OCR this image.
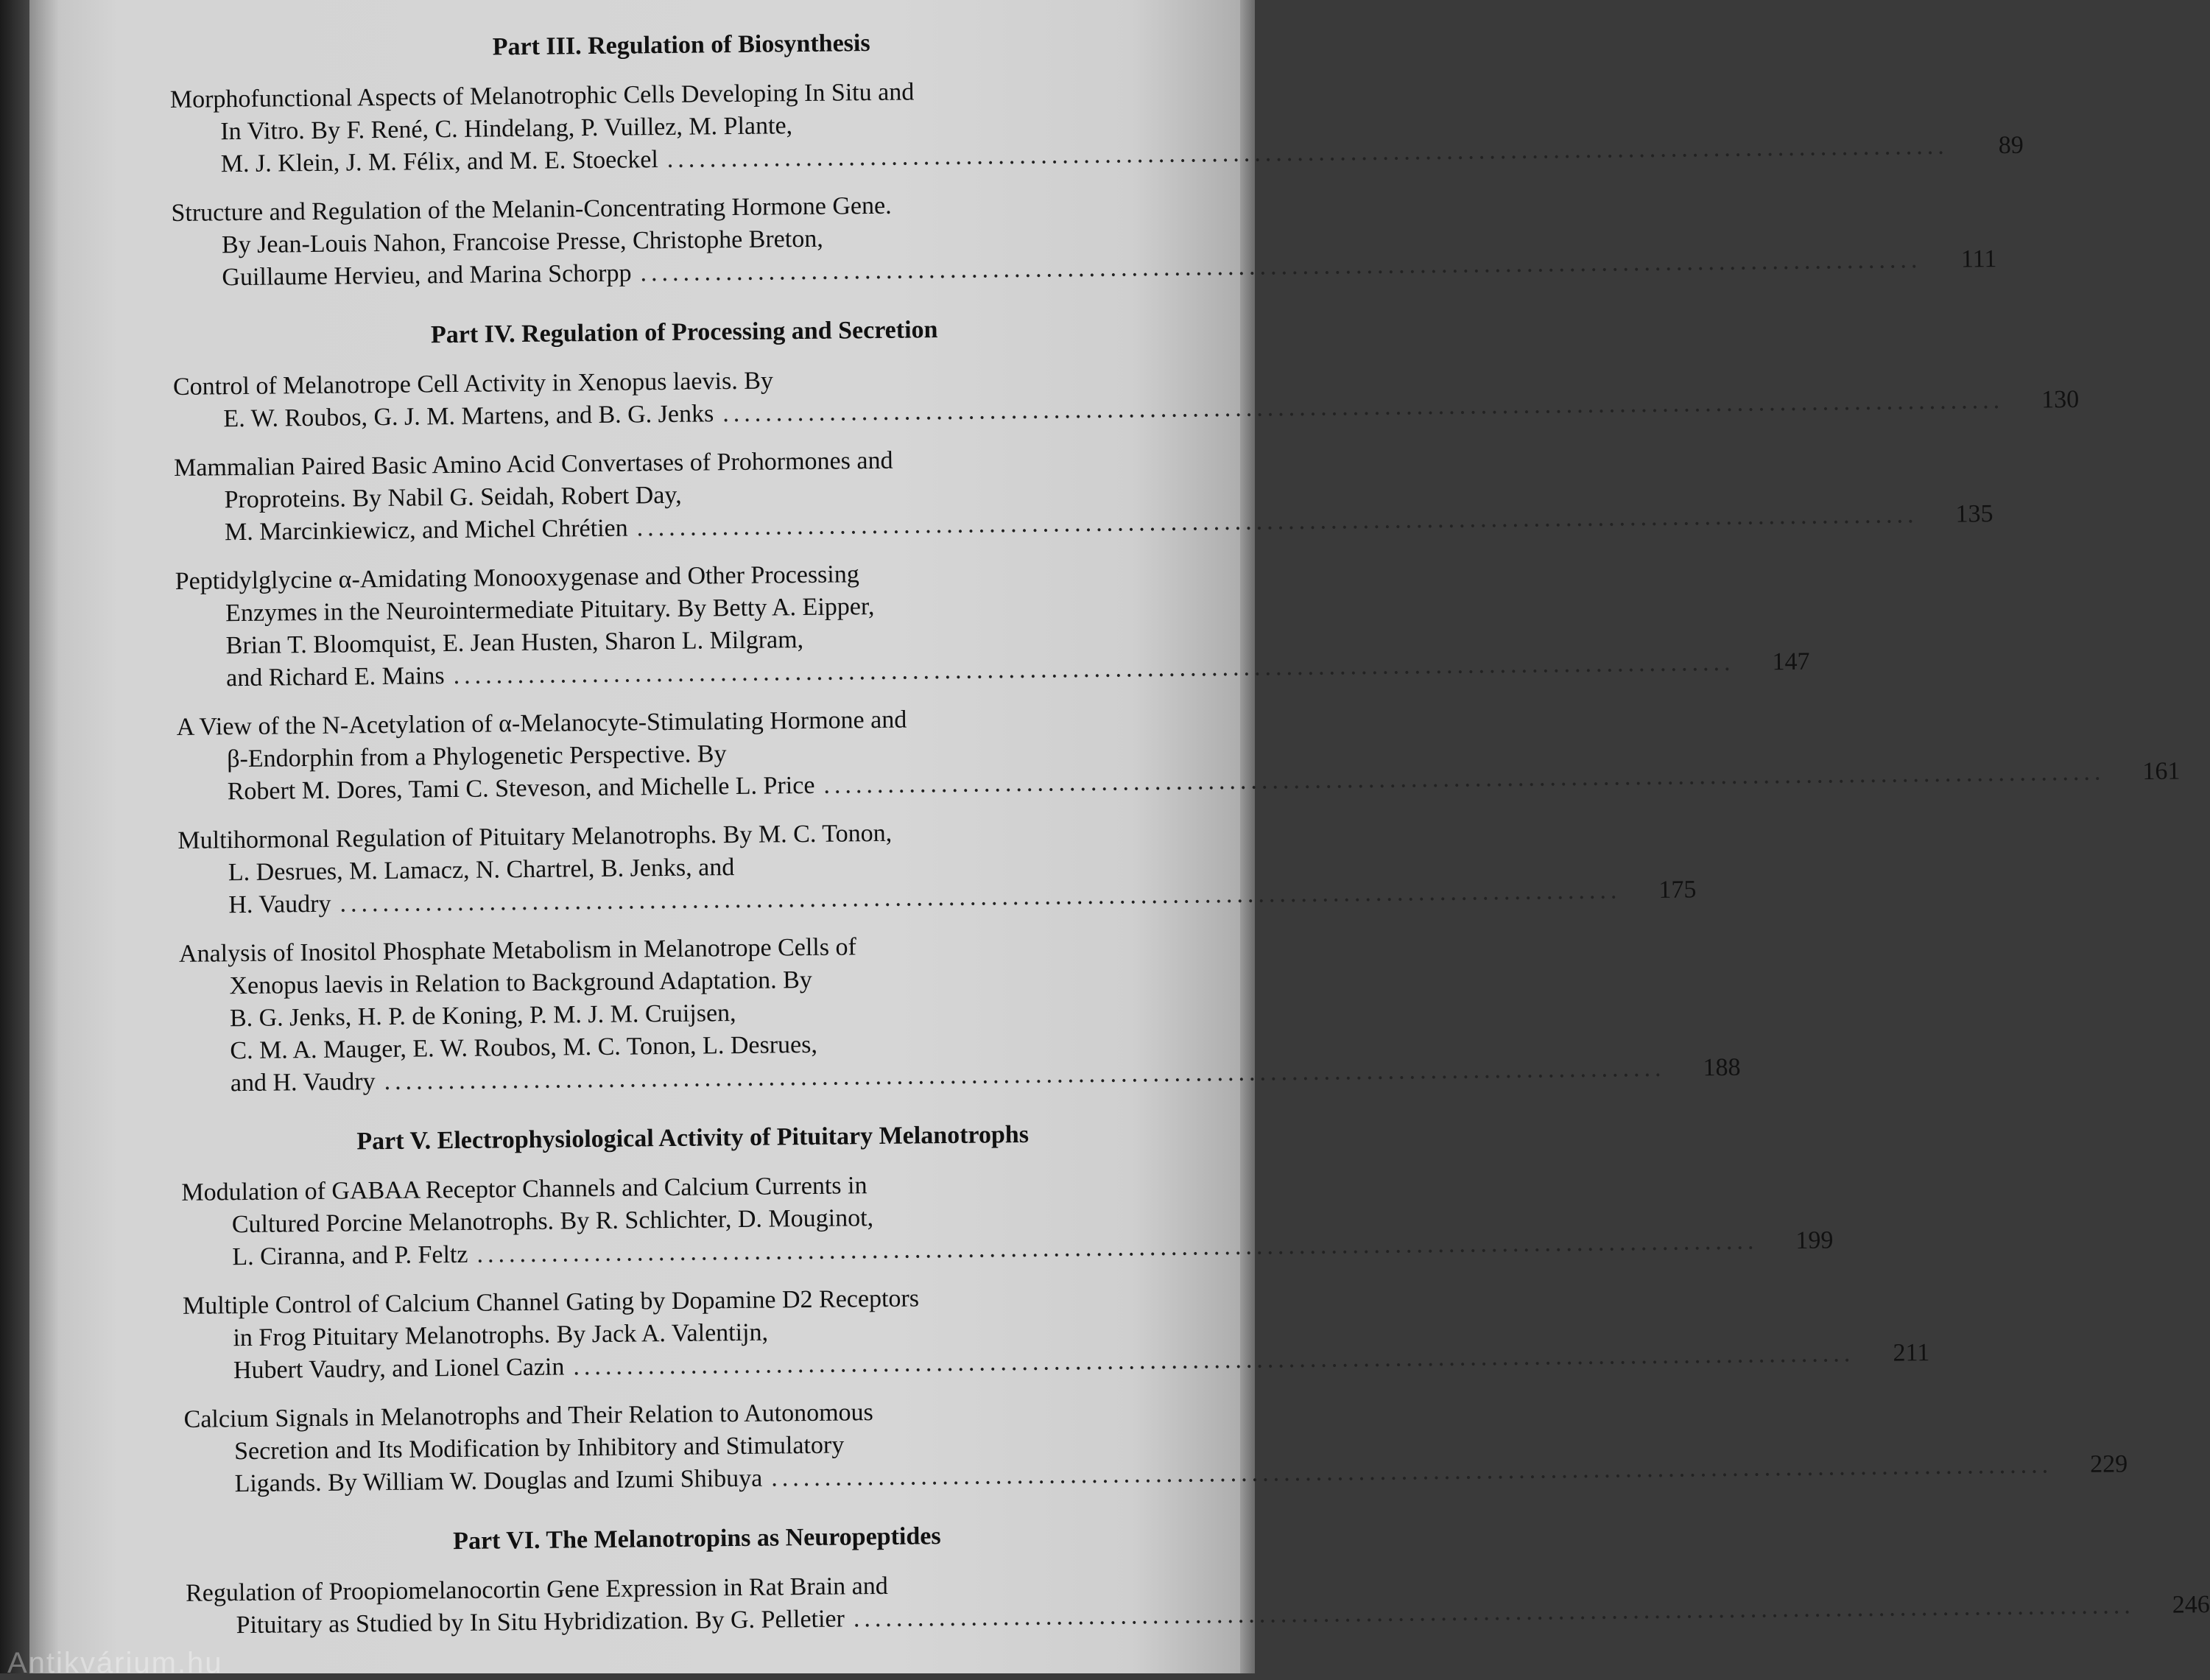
Part III. Regulation of Biosynthesis
Morphofunctional Aspects of Melanotrophic Cells Developing In Situ and
In Vitro. By F. René, C. Hindelang, P. Vuillez, M. Plante,
M. J. Klein, J. M. Félix, and M. E. Stoeckel ........................................................................................................................	89
Structure and Regulation of the Melanin-Concentrating Hormone Gene.
By Jean-Louis Nahon, Francoise Presse, Christophe Breton,
Guillaume Hervieu, and Marina Schorpp ........................................................................................................................	111
Part IV. Regulation of Processing and Secretion
Control of Melanotrope Cell Activity in Xenopus laevis. By
E. W. Roubos, G. J. M. Martens, and B. G. Jenks ........................................................................................................................	130
Mammalian Paired Basic Amino Acid Convertases of Prohormones and
Proproteins. By Nabil G. Seidah, Robert Day,
M. Marcinkiewicz, and Michel Chrétien ........................................................................................................................	135
Peptidylglycine α-Amidating Monooxygenase and Other Processing
Enzymes in the Neurointermediate Pituitary. By Betty A. Eipper,
Brian T. Bloomquist, E. Jean Husten, Sharon L. Milgram,
and Richard E. Mains ........................................................................................................................	147
A View of the N-Acetylation of α-Melanocyte-Stimulating Hormone and
β-Endorphin from a Phylogenetic Perspective. By
Robert M. Dores, Tami C. Steveson, and Michelle L. Price ........................................................................................................................	161
Multihormonal Regulation of Pituitary Melanotrophs. By M. C. Tonon,
L. Desrues, M. Lamacz, N. Chartrel, B. Jenks, and
H. Vaudry ........................................................................................................................	175
Analysis of Inositol Phosphate Metabolism in Melanotrope Cells of
Xenopus laevis in Relation to Background Adaptation. By
B. G. Jenks, H. P. de Koning, P. M. J. M. Cruijsen,
C. M. A. Mauger, E. W. Roubos, M. C. Tonon, L. Desrues,
and H. Vaudry ........................................................................................................................	188
Part V. Electrophysiological Activity of Pituitary Melanotrophs
Modulation of GABAA Receptor Channels and Calcium Currents in
Cultured Porcine Melanotrophs. By R. Schlichter, D. Mouginot,
L. Ciranna, and P. Feltz ........................................................................................................................	199
Multiple Control of Calcium Channel Gating by Dopamine D2 Receptors
in Frog Pituitary Melanotrophs. By Jack A. Valentijn,
Hubert Vaudry, and Lionel Cazin ........................................................................................................................	211
Calcium Signals in Melanotrophs and Their Relation to Autonomous
Secretion and Its Modification by Inhibitory and Stimulatory
Ligands. By William W. Douglas and Izumi Shibuya ........................................................................................................................	229
Part VI. The Melanotropins as Neuropeptides
Regulation of Proopiomelanocortin Gene Expression in Rat Brain and
Pituitary as Studied by In Situ Hybridization. By G. Pelletier ........................................................................................................................	246
Antikvárium.hu
